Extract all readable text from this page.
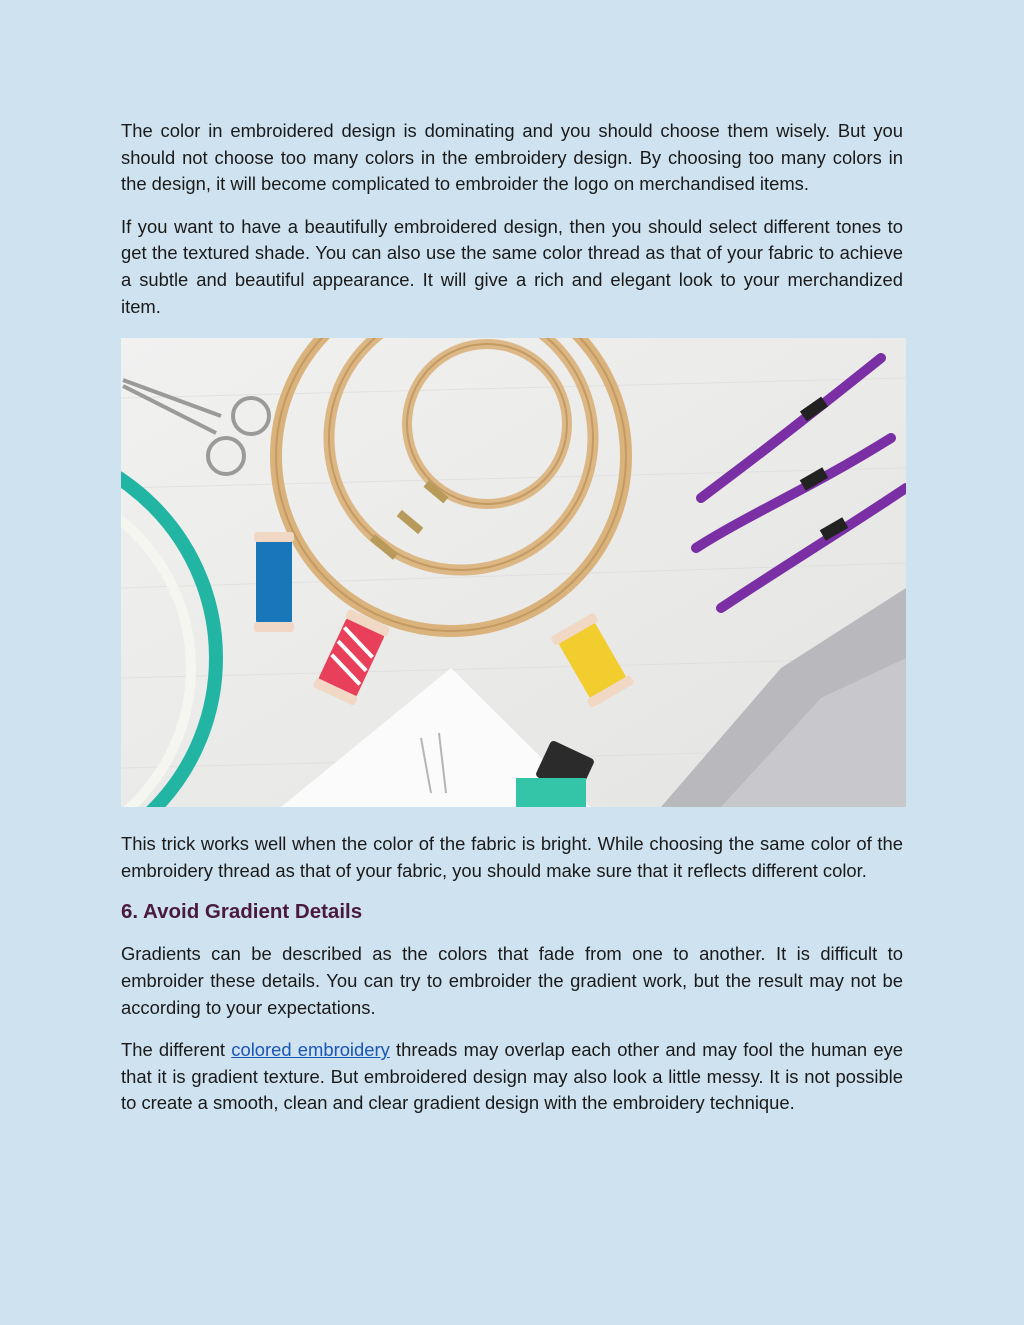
The color in embroidered design is dominating and you should choose them wisely. But you should not choose too many colors in the embroidery design. By choosing too many colors in the design, it will become complicated to embroider the logo on merchandised items.

If you want to have a beautifully embroidered design, then you should select different tones to get the textured shade. You can also use the same color thread as that of your fabric to achieve a subtle and beautiful appearance. It will give a rich and elegant look to your merchandized item.

This trick works well when the color of the fabric is bright. While choosing the same color of the embroidery thread as that of your fabric, you should make sure that it reflects different color.

6. Avoid Gradient Details

Gradients can be described as the colors that fade from one to another. It is difficult to embroider these details. You can try to embroider the gradient work, but the result may not be according to your expectations.

The different colored embroidery threads may overlap each other and may fool the human eye that it is gradient texture. But embroidered design may also look a little messy. It is not possible to create a smooth, clean and clear gradient design with the embroidery technique.
